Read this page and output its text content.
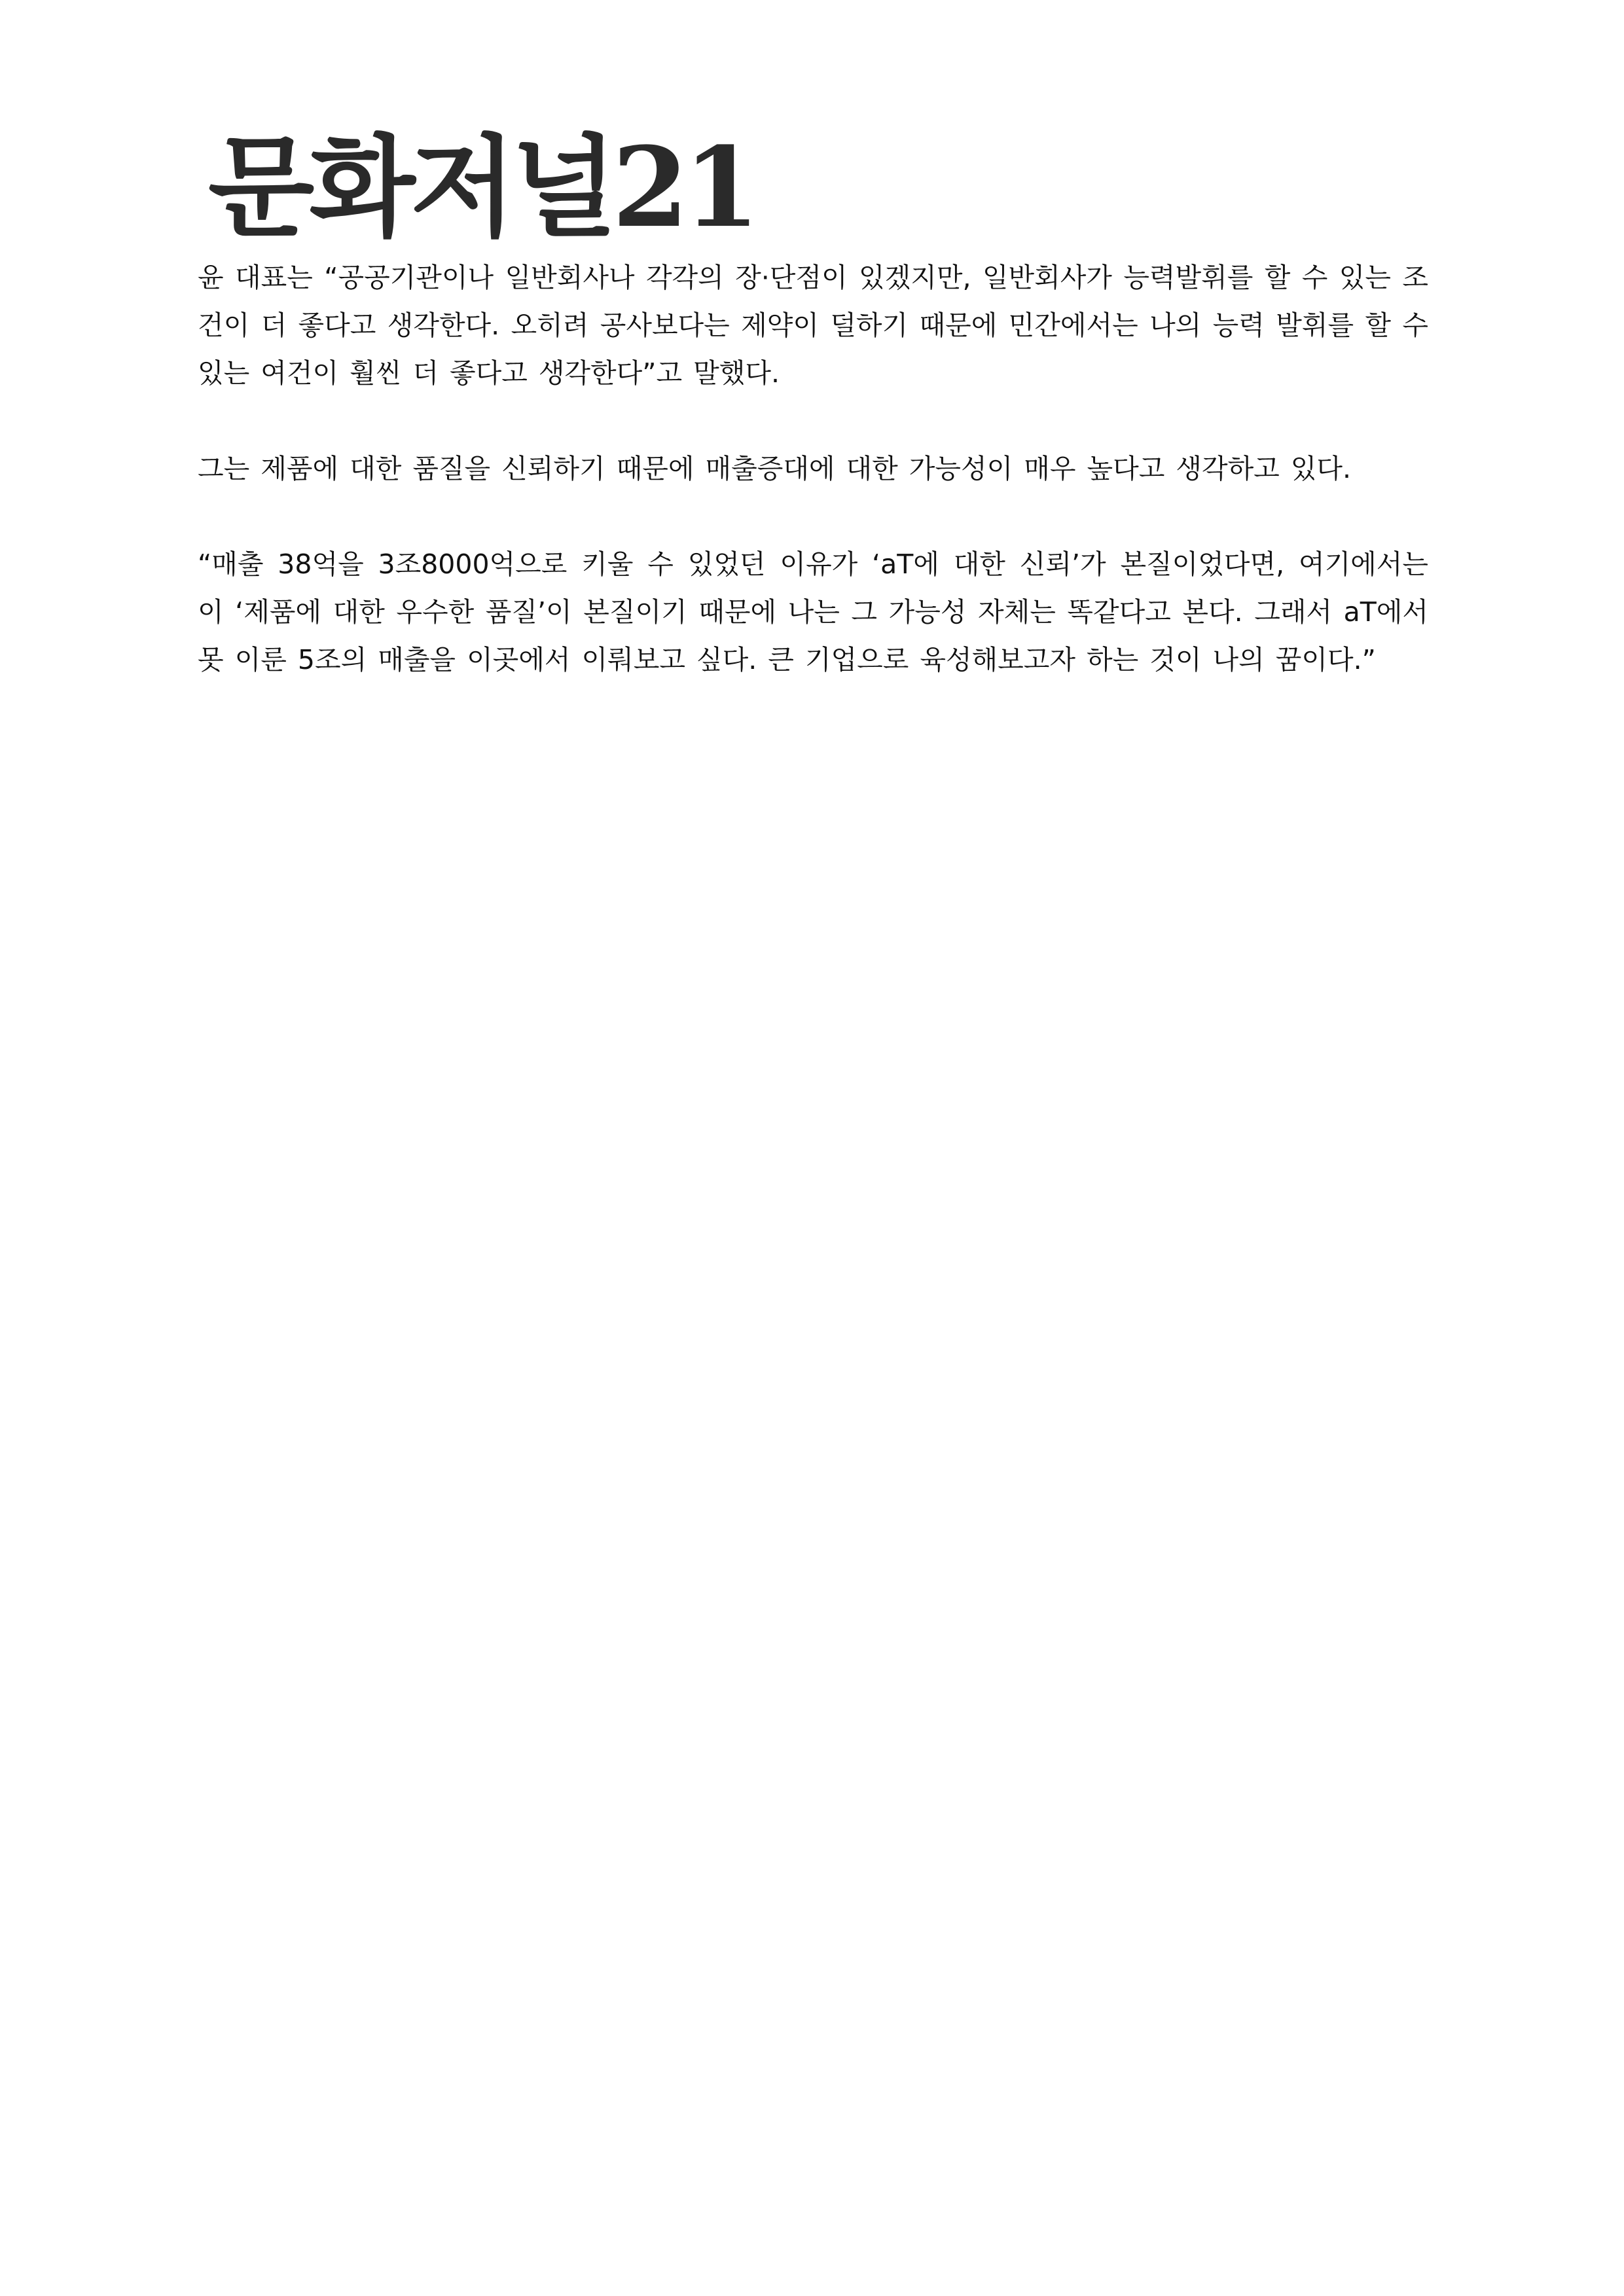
문화저널21

윤 대표는 “공공기관이나 일반회사나 각각의 장·단점이 있겠지만, 일반회사가 능력발휘를 할 수 있는 조건이 더 좋다고 생각한다. 오히려 공사보다는 제약이 덜하기 때문에 민간에서는 나의 능력 발휘를 할 수 있는 여건이 훨씬 더 좋다고 생각한다”고 말했다.

그는 제품에 대한 품질을 신뢰하기 때문에 매출증대에 대한 가능성이 매우 높다고 생각하고 있다.

“매출 38억을 3조8000억으로 키울 수 있었던 이유가 ‘aT에 대한 신뢰’가 본질이었다면, 여기에서는 이 ‘제품에 대한 우수한 품질’이 본질이기 때문에 나는 그 가능성 자체는 똑같다고 본다. 그래서 aT에서 못 이룬 5조의 매출을 이곳에서 이뤄보고 싶다. 큰 기업으로 육성해보고자 하는 것이 나의 꿈이다.”
